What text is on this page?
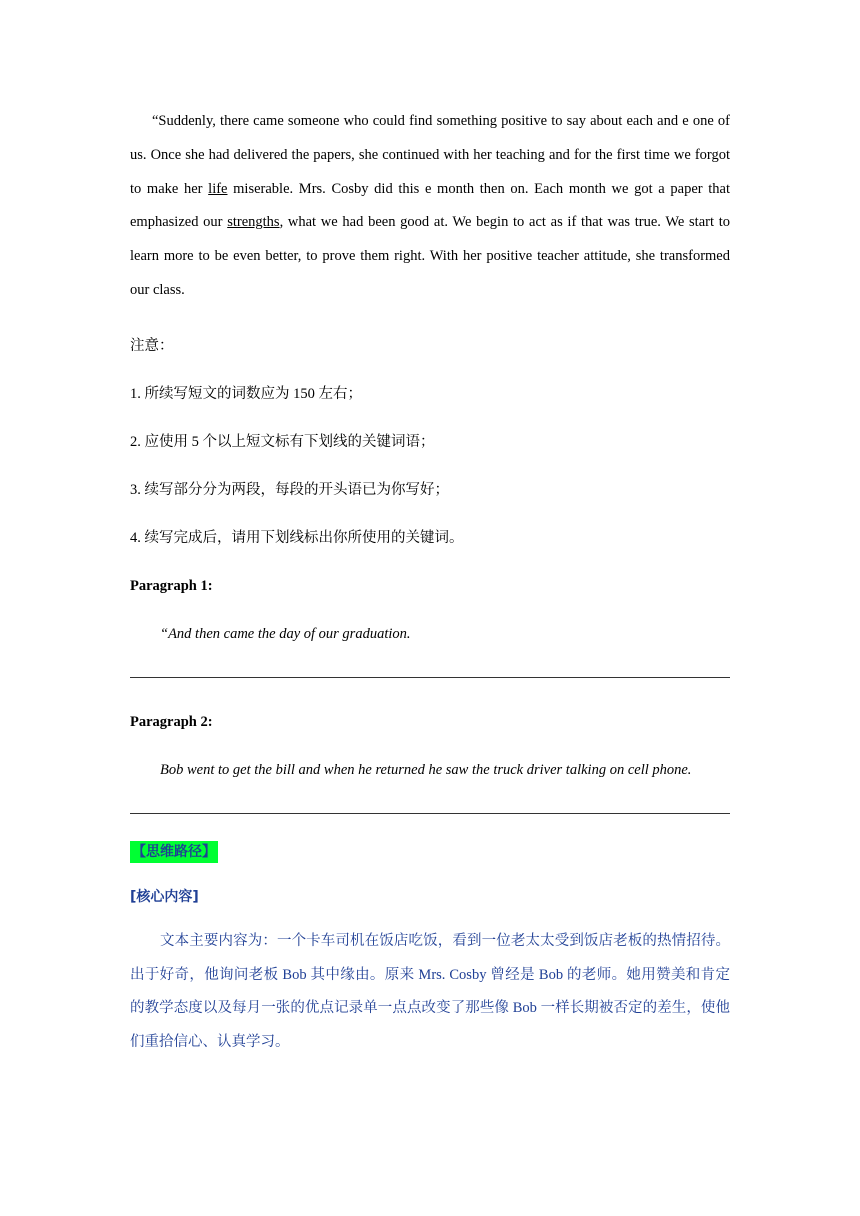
“Suddenly, there came someone who could find something positive to say about each and e one of us. Once she had delivered the papers, she continued with her teaching and for the first time we forgot to make her life miserable. Mrs. Cosby did this e month then on. Each month we got a paper that emphasized our strengths, what we had been good at. We begin to act as if that was true. We start to learn more to be even better, to prove them right. With her positive teacher attitude, she transformed our class.

注意：

1. 所续写短文的词数应为 150 左右；

2. 应使用 5 个以上短文标有下划线的关键词语；

3. 续写部分分为两段，每段的开头语已为你写好；

4. 续写完成后，请用下划线标出你所使用的关键词。

Paragraph 1:

“And then came the day of our graduation.

Paragraph 2:

Bob went to get the bill and when he returned he saw the truck driver talking on cell phone.

【思维路径】

[核心内容]

文本主要内容为：一个卡车司机在饭店吃饭，看到一位老太太受到饭店老板的热情招待。出于好奇，他询问老板 Bob 其中缘由。原来 Mrs. Cosby 曾经是 Bob 的老师。她用赞美和肯定的教学态度以及每月一张的优点记录单一点点改变了那些像 Bob 一样长期被否定的差生，使他们重拾信心、认真学习。
